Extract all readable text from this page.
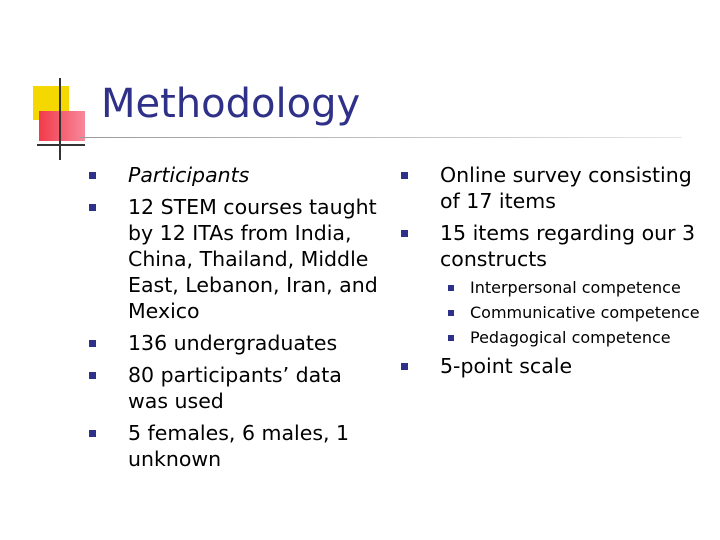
Methodology
Participants
12 STEM courses taught by 12 ITAs from India, China, Thailand, Middle East, Lebanon, Iran, and Mexico
136 undergraduates
80 participants’ data was used
5 females, 6 males, 1 unknown
Online survey consisting of 17 items
15 items regarding our 3 constructs
Interpersonal competence
Communicative competence
Pedagogical competence
5-point scale
